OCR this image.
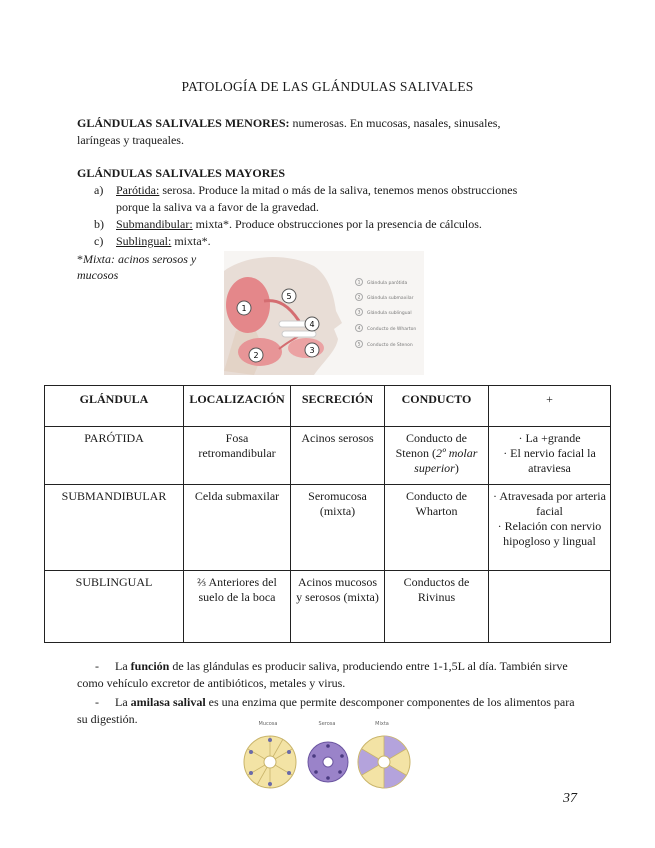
PATOLOGÍA DE LAS GLÁNDULAS SALIVALES
GLÁNDULAS SALIVALES MENORES: numerosas. En mucosas, nasales, sinusales,
laríngeas y traqueales.
GLÁNDULAS SALIVALES MAYORES
a) Parótida: serosa. Produce la mitad o más de la saliva, tenemos menos obstrucciones
porque la saliva va a favor de la gravedad.
b) Submandibular: mixta*. Produce obstrucciones por la presencia de cálculos.
c) Sublingual: mixta*.
*Mixta: acinos serosos y
mucosos
1
2
3
4
5
1 Glándula parótida
2 Glándula submaxilar
3 Glándula sublingual
4 Conducto de Wharton
5 Conducto de Stenon
GLÁNDULA	LOCALIZACIÓN	SECRECIÓN	CONDUCTO	+
PARÓTIDA	Fosa retromandibular	Acinos serosos	Conducto de Stenon (2º molar superior)	· La +grande
· El nervio facial la atraviesa

SUBMANDIBULAR	Celda submaxilar	Seromucosa (mixta)	Conducto de Wharton	· Atravesada por arteria facial
· Relación con nervio hipogloso y lingual

SUBLINGUAL	⅔ Anteriores del suelo de la boca	Acinos mucosos y serosos (mixta)	Conductos de Rivinus	
- La función de las glándulas es producir saliva, produciendo entre 1-1,5L al día. También sirve como vehículo excretor de antibióticos, metales y virus.
- La amilasa salival es una enzima que permite descomponer componentes de los alimentos para su digestión.	Mucosa	Serosa	Mixta
37
